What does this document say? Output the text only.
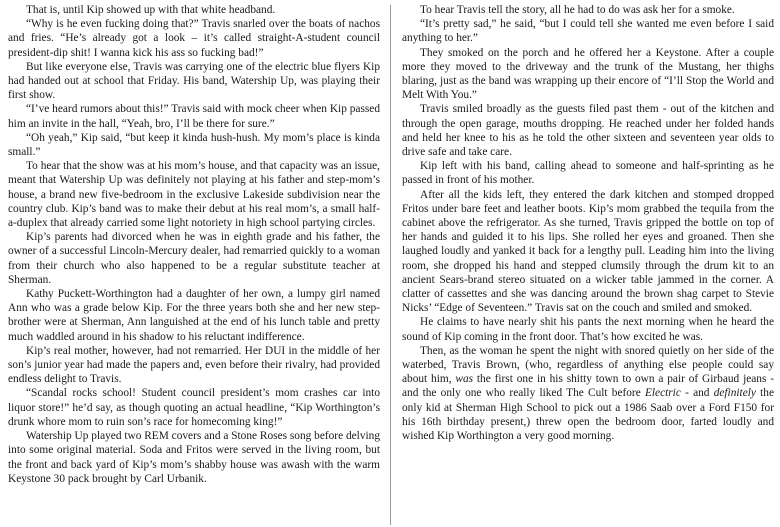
That is, until Kip showed up with that white headband.

“Why is he even fucking doing that?” Travis snarled over the boats of nachos and fries. “He’s already got a look – it’s called straight-A-student council president-dip shit! I wanna kick his ass so fucking bad!”

But like everyone else, Travis was carrying one of the electric blue flyers Kip had handed out at school that Friday. His band, Watership Up, was playing their first show.

“I’ve heard rumors about this!” Travis said with mock cheer when Kip passed him an invite in the hall, “Yeah, bro, I’ll be there for sure.”

“Oh yeah,” Kip said, “but keep it kinda hush-hush. My mom’s place is kinda small.”

To hear that the show was at his mom’s house, and that capacity was an issue, meant that Watership Up was definitely not playing at his father and step-mom’s house, a brand new five-bedroom in the exclusive Lakeside subdivision near the country club. Kip’s band was to make their debut at his real mom’s, a small half-a-duplex that already carried some light notoriety in high school partying circles.

Kip’s parents had divorced when he was in eighth grade and his father, the owner of a successful Lincoln-Mercury dealer, had remarried quickly to a woman from their church who also happened to be a regular substitute teacher at Sherman.

Kathy Puckett-Worthington had a daughter of her own, a lumpy girl named Ann who was a grade below Kip. For the three years both she and her new step-brother were at Sherman, Ann languished at the end of his lunch table and pretty much waddled around in his shadow to his reluctant indifference.

Kip’s real mother, however, had not remarried. Her DUI in the middle of her son’s junior year had made the papers and, even before their rivalry, had provided endless delight to Travis.

“Scandal rocks school! Student council president’s mom crashes car into liquor store!” he’d say, as though quoting an actual headline, “Kip Worthington’s drunk whore mom to ruin son’s race for homecoming king!”

Watership Up played two REM covers and a Stone Roses song before delving into some original material. Soda and Fritos were served in the living room, but the front and back yard of Kip’s mom’s shabby house was awash with the warm Keystone 30 pack brought by Carl Urbanik.

To hear Travis tell the story, all he had to do was ask her for a smoke.

“It’s pretty sad,” he said, “but I could tell she wanted me even before I said anything to her.”

They smoked on the porch and he offered her a Keystone. After a couple more they moved to the driveway and the trunk of the Mustang, her thighs blaring, just as the band was wrapping up their encore of “I’ll Stop the World and Melt With You.”

Travis smiled broadly as the guests filed past them - out of the kitchen and through the open garage, mouths dropping. He reached under her folded hands and held her knee to his as he told the other sixteen and seventeen year olds to drive safe and take care.

Kip left with his band, calling ahead to someone and half-sprinting as he passed in front of his mother.

After all the kids left, they entered the dark kitchen and stomped dropped Fritos under bare feet and leather boots. Kip’s mom grabbed the tequila from the cabinet above the refrigerator. As she turned, Travis gripped the bottle on top of her hands and guided it to his lips. She rolled her eyes and groaned. Then she laughed loudly and yanked it back for a lengthy pull. Leading him into the living room, she dropped his hand and stepped clumsily through the drum kit to an ancient Sears-brand stereo situated on a wicker table jammed in the corner. A clatter of cassettes and she was dancing around the brown shag carpet to Stevie Nicks’ “Edge of Seventeen.” Travis sat on the couch and smiled and smoked.

He claims to have nearly shit his pants the next morning when he heard the sound of Kip coming in the front door. That’s how excited he was.

Then, as the woman he spent the night with snored quietly on her side of the waterbed, Travis Brown, (who, regardless of anything else people could say about him, was the first one in his shitty town to own a pair of Girbaud jeans - and the only one who really liked The Cult before Electric - and definitely the only kid at Sherman High School to pick out a 1986 Saab over a Ford F150 for his 16th birthday present,) threw open the bedroom door, farted loudly and wished Kip Worthington a very good morning.
